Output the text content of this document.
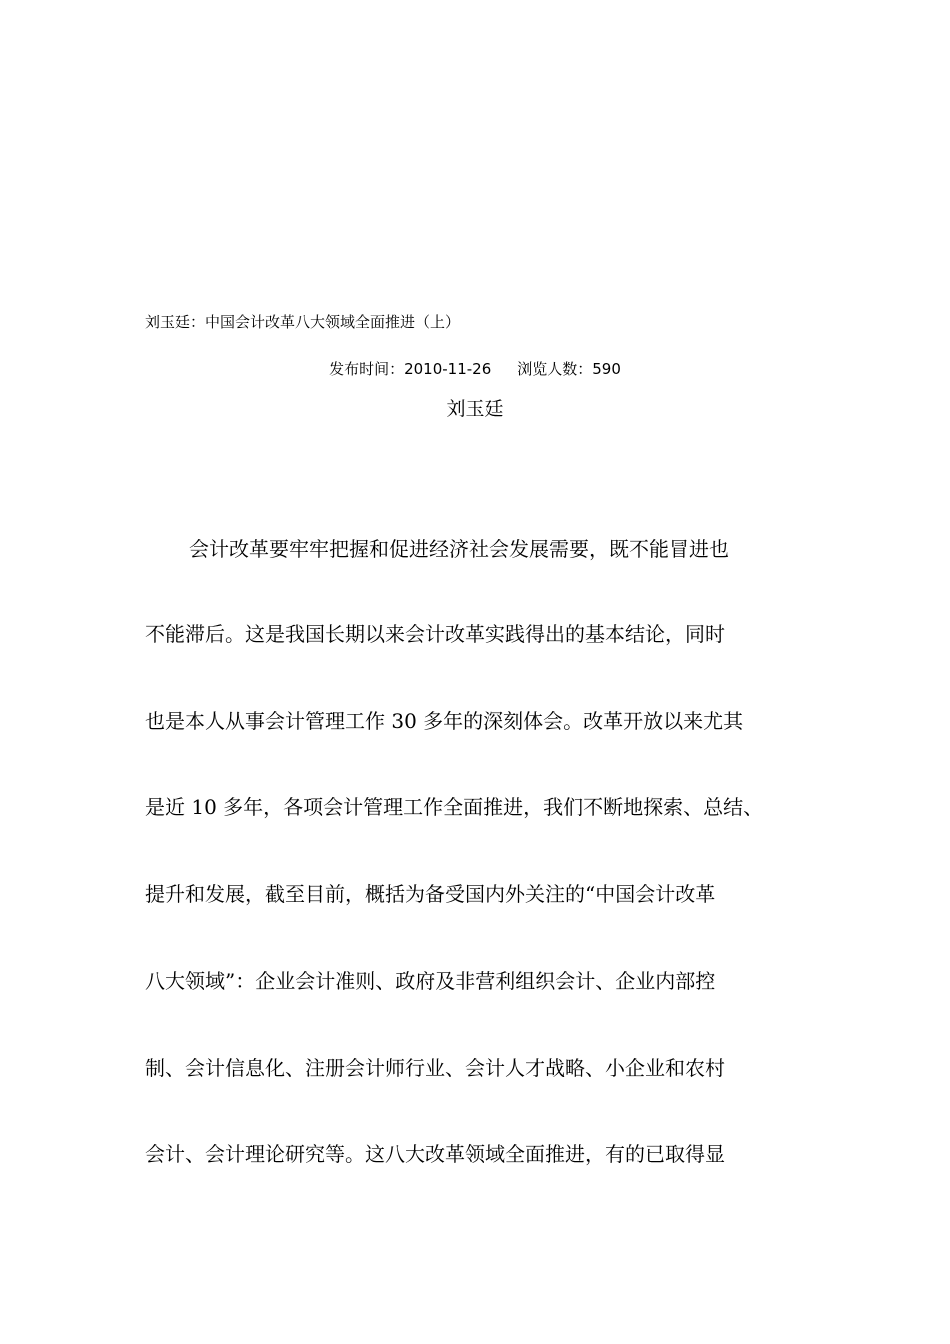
刘玉廷：中国会计改革八大领域全面推进（上）
发布时间：2010-11-26 浏览人数：590
刘玉廷
会计改革要牢牢把握和促进经济社会发展需要，既不能冒进也
不能滞后。这是我国长期以来会计改革实践得出的基本结论，同时
也是本人从事会计管理工作 30 多年的深刻体会。改革开放以来尤其
是近 10 多年，各项会计管理工作全面推进，我们不断地探索、总结、
提升和发展，截至目前，概括为备受国内外关注的“中国会计改革
八大领域”：企业会计准则、政府及非营利组织会计、企业内部控
制、会计信息化、注册会计师行业、会计人才战略、小企业和农村
会计、会计理论研究等。这八大改革领域全面推进，有的已取得显
